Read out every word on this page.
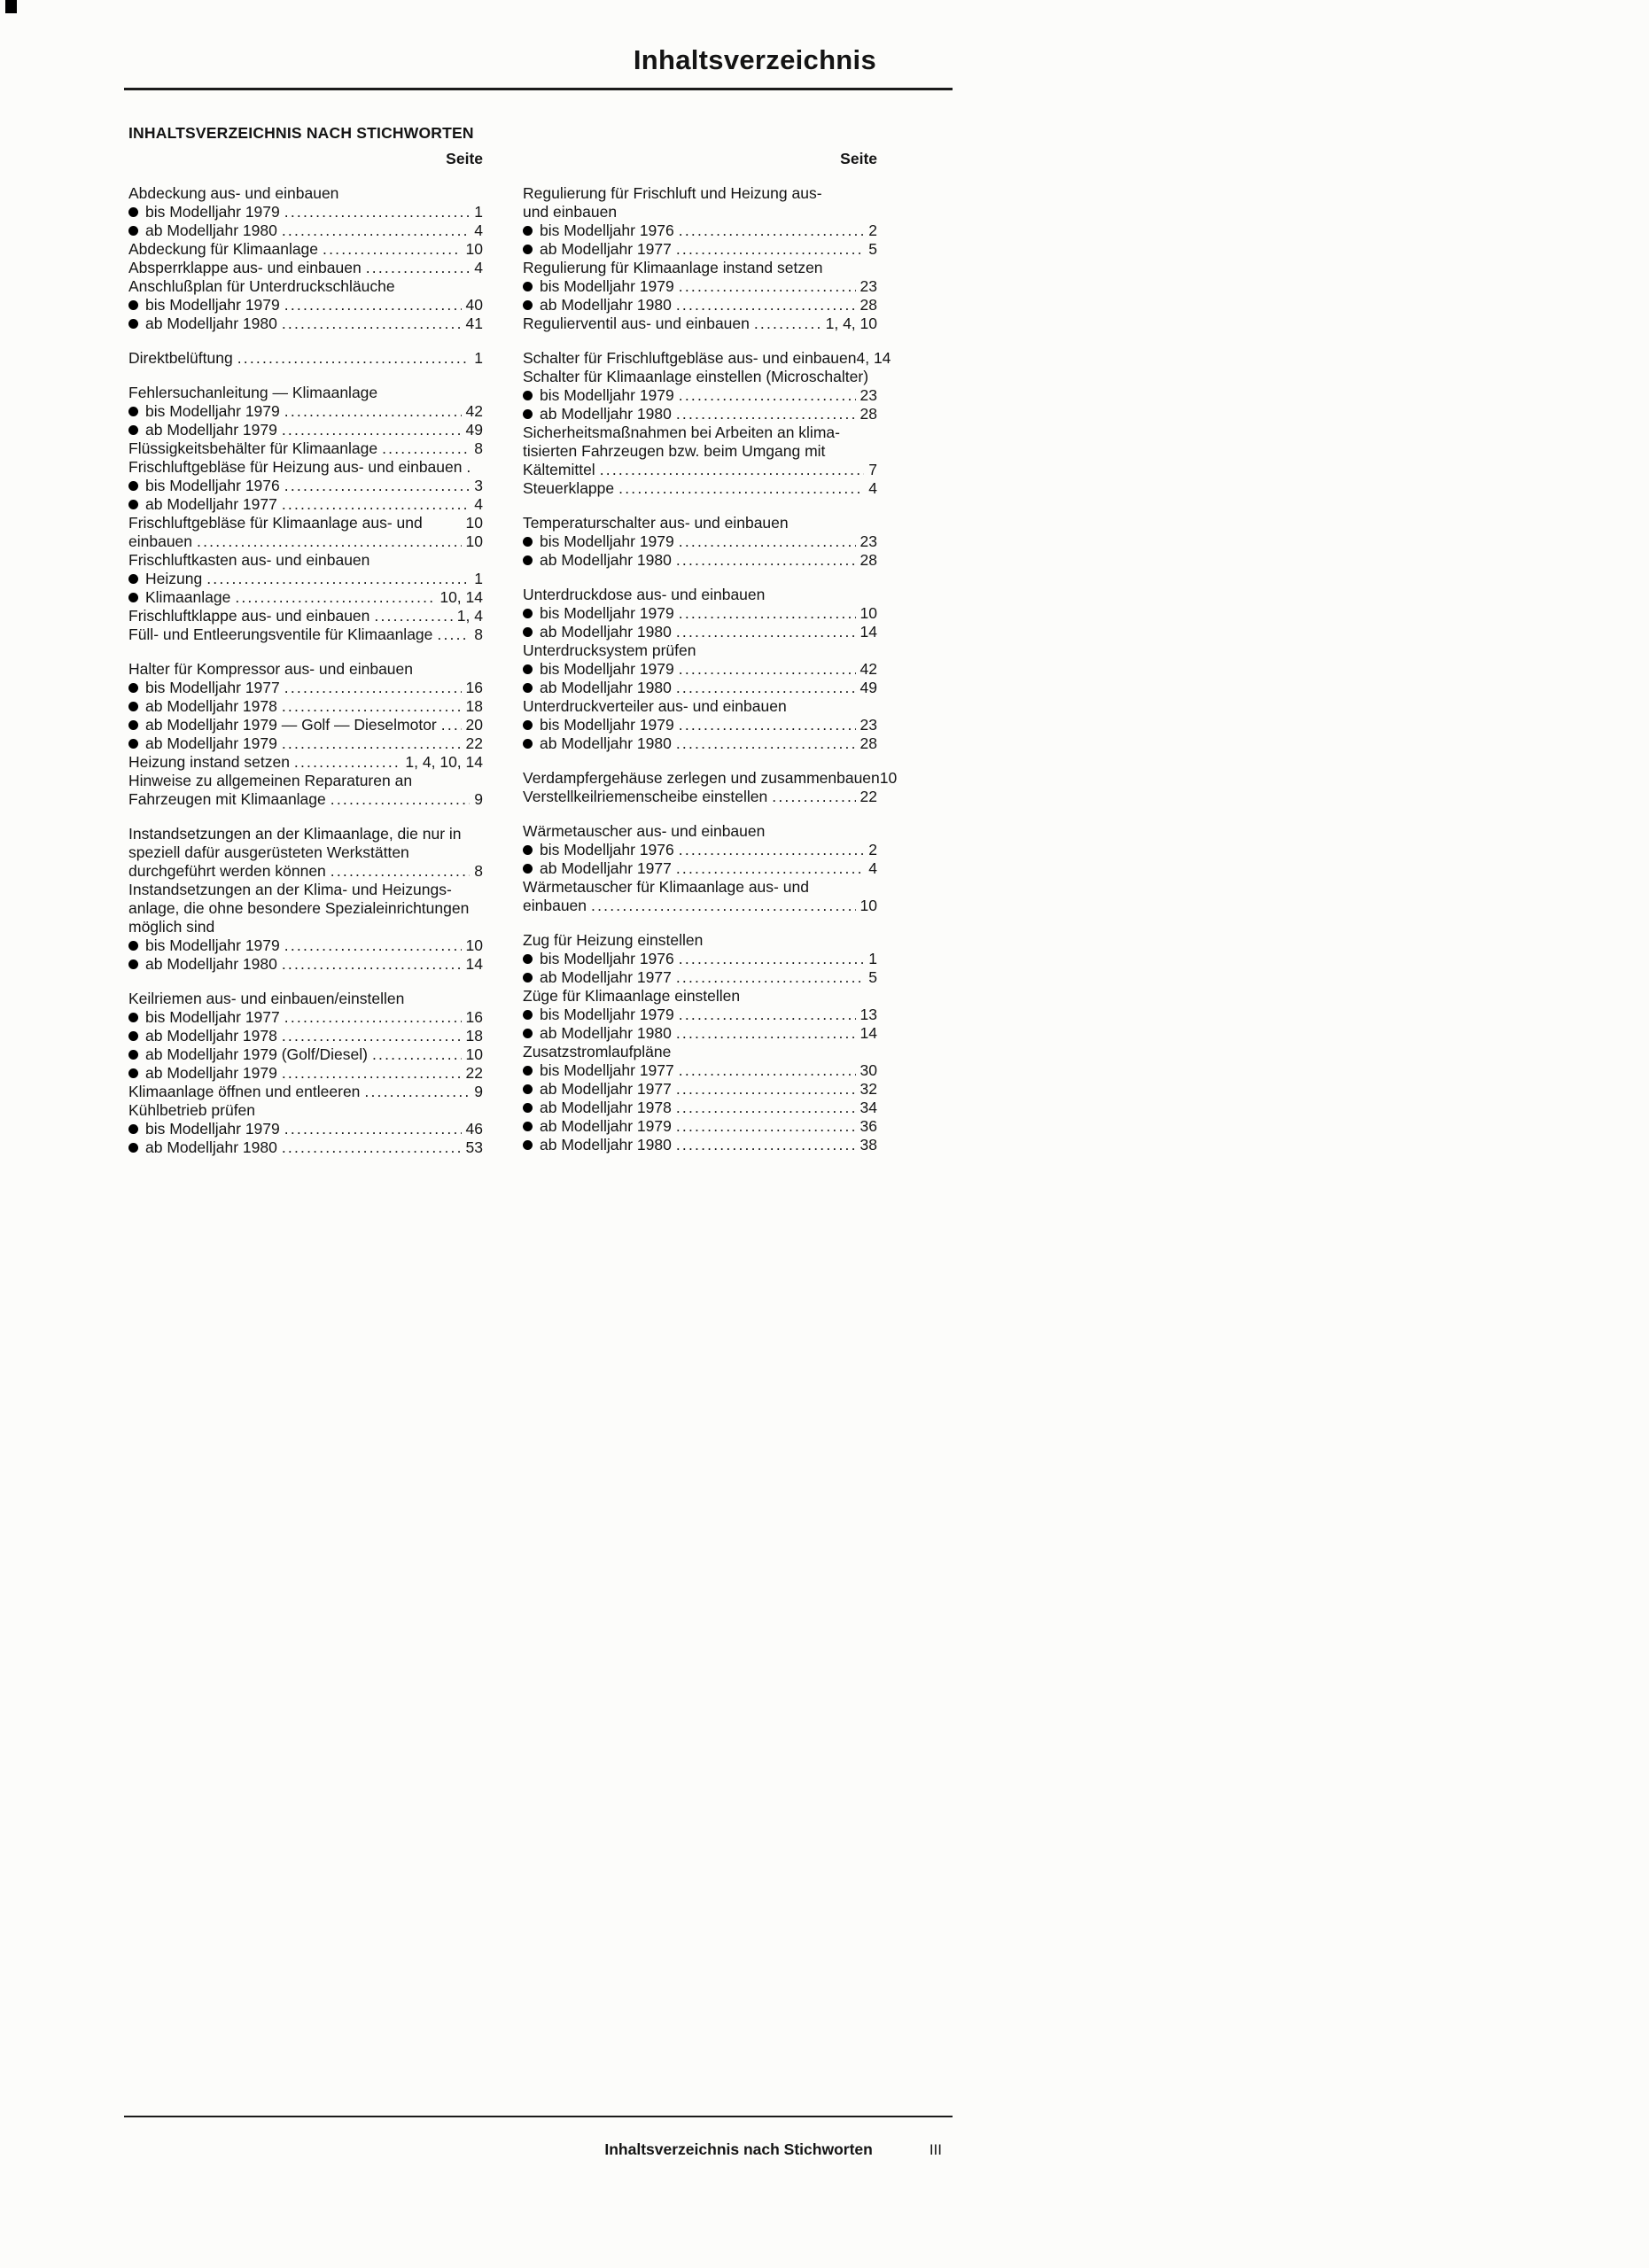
Inhaltsverzeichnis
INHALTSVERZEICHNIS NACH STICHWORTEN
Seite
Abdeckung aus- und einbauen
bis Modelljahr 1979 .....	1
ab Modelljahr 1980 .....	4
Abdeckung für Klimaanlage .....	10
Absperrklappe aus- und einbauen .....	4
Anschlußplan für Unterdruckschläuche
bis Modelljahr 1979 .....	40
ab Modelljahr 1980 .....	41
Direktbelüftung .....	1
Fehlersuchanleitung — Klimaanlage
bis Modelljahr 1979 .....	42
ab Modelljahr 1979 .....	49
Flüssigkeitsbehälter für Klimaanlage .....	8
Frischluftgebläse für Heizung aus- und einbauen .
bis Modelljahr 1976 .....	3
ab Modelljahr 1977 .....	4
Frischluftgebläse für Klimaanlage aus- und	10
einbauen .....	10
Frischluftkasten aus- und einbauen
Heizung .....	1
Klimaanlage .....	10, 14
Frischluftklappe aus- und einbauen .....	1, 4
Füll- und Entleerungsventile für Klimaanlage .....	8
Halter für Kompressor aus- und einbauen
bis Modelljahr 1977 .....	16
ab Modelljahr 1978 .....	18
ab Modelljahr 1979 — Golf — Dieselmotor ..... 20
ab Modelljahr 1979 .....	22
Heizung instand setzen .....	1, 4, 10, 14
Hinweise zu allgemeinen Reparaturen an
Fahrzeugen mit Klimaanlage .....	9
Instandsetzungen an der Klimaanlage, die nur in
speziell dafür ausgerüsteten Werkstätten
durchgeführt werden können .....	8
Instandsetzungen an der Klima- und Heizungs-
anlage, die ohne besondere Spezialeinrichtungen
möglich sind
bis Modelljahr 1979 .....	10
ab Modelljahr 1980 .....	14
Keilriemen aus- und einbauen/einstellen
bis Modelljahr 1977 .....	16
ab Modelljahr 1978 .....	18
ab Modelljahr 1979 (Golf/Diesel) .....	10
ab Modelljahr 1979 .....	22
Klimaanlage öffnen und entleeren .....	9
Kühlbetrieb prüfen
bis Modelljahr 1979 .....	46
ab Modelljahr 1980 .....	53
Seite
Regulierung für Frischluft und Heizung aus-
und einbauen
bis Modelljahr 1976 .....	2
ab Modelljahr 1977 .....	5
Regulierung für Klimaanlage instand setzen
bis Modelljahr 1979 .....	23
ab Modelljahr 1980 .....	28
Regulierventil aus- und einbauen .....	1, 4, 10
Schalter für Frischluftgebläse aus- und einbauen 4, 14
Schalter für Klimaanlage einstellen (Microschalter)
bis Modelljahr 1979 .....	23
ab Modelljahr 1980 .....	28
Sicherheitsmaßnahmen bei Arbeiten an klima-
tisierten Fahrzeugen bzw. beim Umgang mit
Kältemittel .....	7
Steuerklappe .....	4
Temperaturschalter aus- und einbauen
bis Modelljahr 1979 .....	23
ab Modelljahr 1980 .....	28
Unterdruckdose aus- und einbauen
bis Modelljahr 1979 .....	10
ab Modelljahr 1980 .....	14
Unterdrucksystem prüfen
bis Modelljahr 1979 .....	42
ab Modelljahr 1980 .....	49
Unterdruckverteiler aus- und einbauen
bis Modelljahr 1979 .....	23
ab Modelljahr 1980 .....	28
Verdampfergehäuse zerlegen und zusammenbauen 10
Verstellkeilriemenscheibe einstellen .....	22
Wärmetauscher aus- und einbauen
bis Modelljahr 1976 .....	2
ab Modelljahr 1977 .....	4
Wärmetauscher für Klimaanlage aus- und
einbauen .....	10
Zug für Heizung einstellen
bis Modelljahr 1976 .....	1
ab Modelljahr 1977 .....	5
Züge für Klimaanlage einstellen
bis Modelljahr 1979 .....	13
ab Modelljahr 1980 .....	14
Zusatzstromlaufpläne
bis Modelljahr 1977 .....	30
ab Modelljahr 1977 .....	32
ab Modelljahr 1978 .....	34
ab Modelljahr 1979 .....	36
ab Modelljahr 1980 .....	38
Inhaltsverzeichnis nach Stichworten	III
